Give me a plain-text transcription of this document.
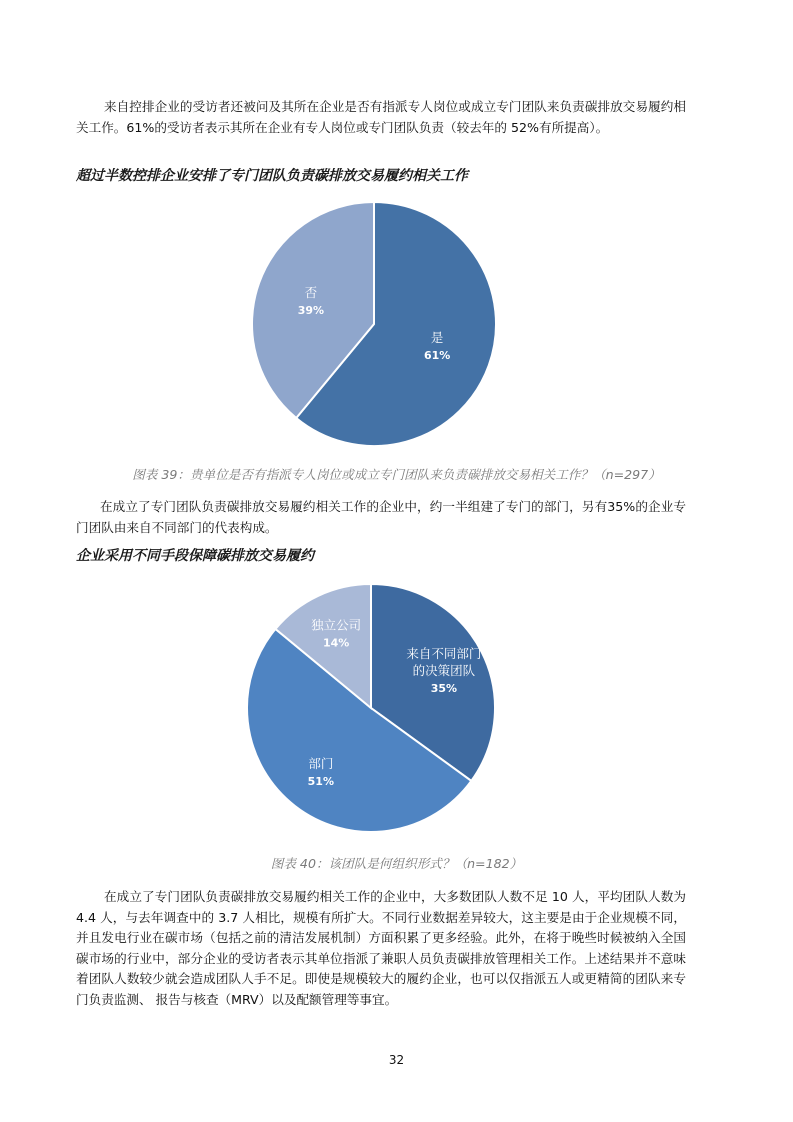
来自控排企业的受访者还被问及其所在企业是否有指派专人岗位或成立专门团队来负责碳排放交易履约相关工作。61%的受访者表示其所在企业有专人岗位或专门团队负责（较去年的 52%有所提高）。

超过半数控排企业安排了专门团队负责碳排放交易履约相关工作

是
61%
否
39%

图表 39：贵单位是否有指派专人岗位或成立专门团队来负责碳排放交易相关工作？（n=297）

在成立了专门团队负责碳排放交易履约相关工作的企业中，约一半组建了专门的部门，另有35%的企业专门团队由来自不同部门的代表构成。

企业采用不同手段保障碳排放交易履约

来自不同部门
的决策团队
35%
部门
51%
独立公司
14%

图表 40：该团队是何组织形式？（n=182）

在成立了专门团队负责碳排放交易履约相关工作的企业中，大多数团队人数不足 10 人，平均团队人数为 4.4 人，与去年调查中的 3.7 人相比，规模有所扩大。不同行业数据差异较大，这主要是由于企业规模不同，并且发电行业在碳市场（包括之前的清洁发展机制）方面积累了更多经验。此外，在将于晚些时候被纳入全国碳市场的行业中，部分企业的受访者表示其单位指派了兼职人员负责碳排放管理相关工作。上述结果并不意味着团队人数较少就会造成团队人手不足。即使是规模较大的履约企业，也可以仅指派五人或更精简的团队来专门负责监测、 报告与核查（MRV）以及配额管理等事宜。

32
